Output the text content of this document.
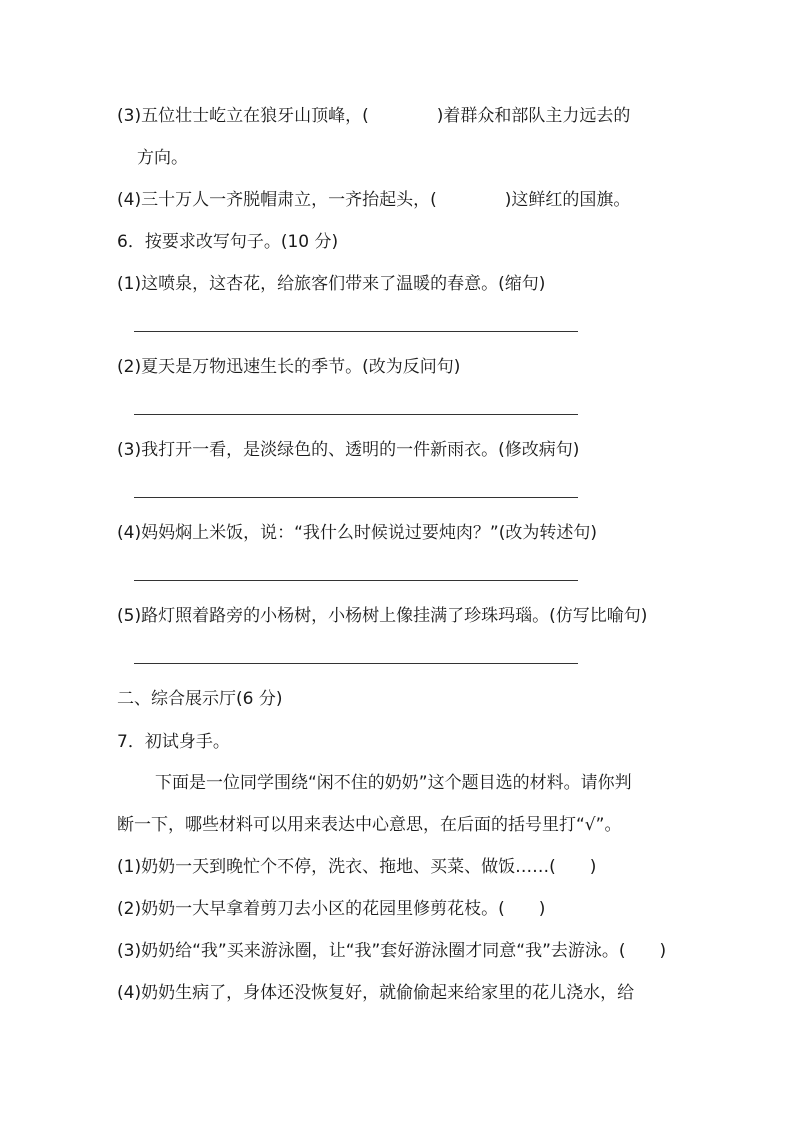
(3)五位壮士屹立在狼牙山顶峰，(　　　　)着群众和部队主力远去的
方向。
(4)三十万人一齐脱帽肃立，一齐抬起头，(　　　　)这鲜红的国旗。
6．按要求改写句子。(10 分)
(1)这喷泉，这杏花，给旅客们带来了温暖的春意。(缩句)
(2)夏天是万物迅速生长的季节。(改为反问句)
(3)我打开一看，是淡绿色的、透明的一件新雨衣。(修改病句)
(4)妈妈焖上米饭，说：“我什么时候说过要炖肉？”(改为转述句)
(5)路灯照着路旁的小杨树，小杨树上像挂满了珍珠玛瑙。(仿写比喻句)
二、综合展示厅(6 分)
7．初试身手。
下面是一位同学围绕“闲不住的奶奶”这个题目选的材料。请你判
断一下，哪些材料可以用来表达中心意思，在后面的括号里打“√”。
(1)奶奶一天到晚忙个不停，洗衣、拖地、买菜、做饭……(　　)
(2)奶奶一大早拿着剪刀去小区的花园里修剪花枝。(　　)
(3)奶奶给“我”买来游泳圈，让“我”套好游泳圈才同意“我”去游泳。(　　)
(4)奶奶生病了，身体还没恢复好，就偷偷起来给家里的花儿浇水，给
